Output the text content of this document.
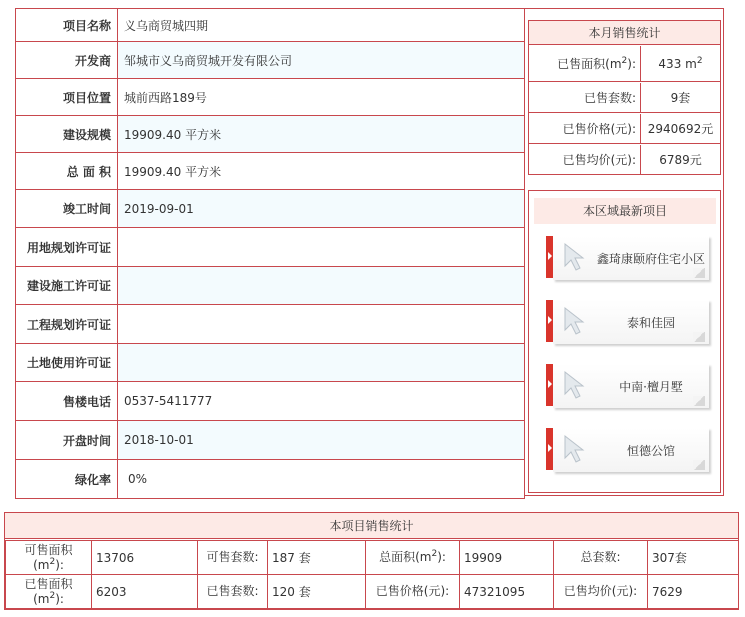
项目名称	义乌商贸城四期
开发商	邹城市义乌商贸城开发有限公司
项目位置	城前西路189号
建设规模	19909.40 平方米
总 面 积	19909.40 平方米
竣工时间	2019-09-01
用地规划许可证	
建设施工许可证	
工程规划许可证	
土地使用许可证	
售楼电话	0537-5411777
开盘时间	2018-10-01
绿化率	0%
本月销售统计
已售面积$(m^2)$:	433 $m^2$
已售套数:	9套
已售价格(元): 2940692元
已售均价(元):	6789元
本区域最新项目
鑫琦康颐府住宅小区
泰和佳园
中南·檀月墅
恒德公馆
本项目销售统计
可售面积
$(m^2)$:	13706	可售套数:	187 套	总面积$(m^2)$:	19909	总套数:	307套
已售面积
$(m^2)$:	6203	已售套数:	120 套	已售价格(元):	47321095	已售均价(元):	7629
